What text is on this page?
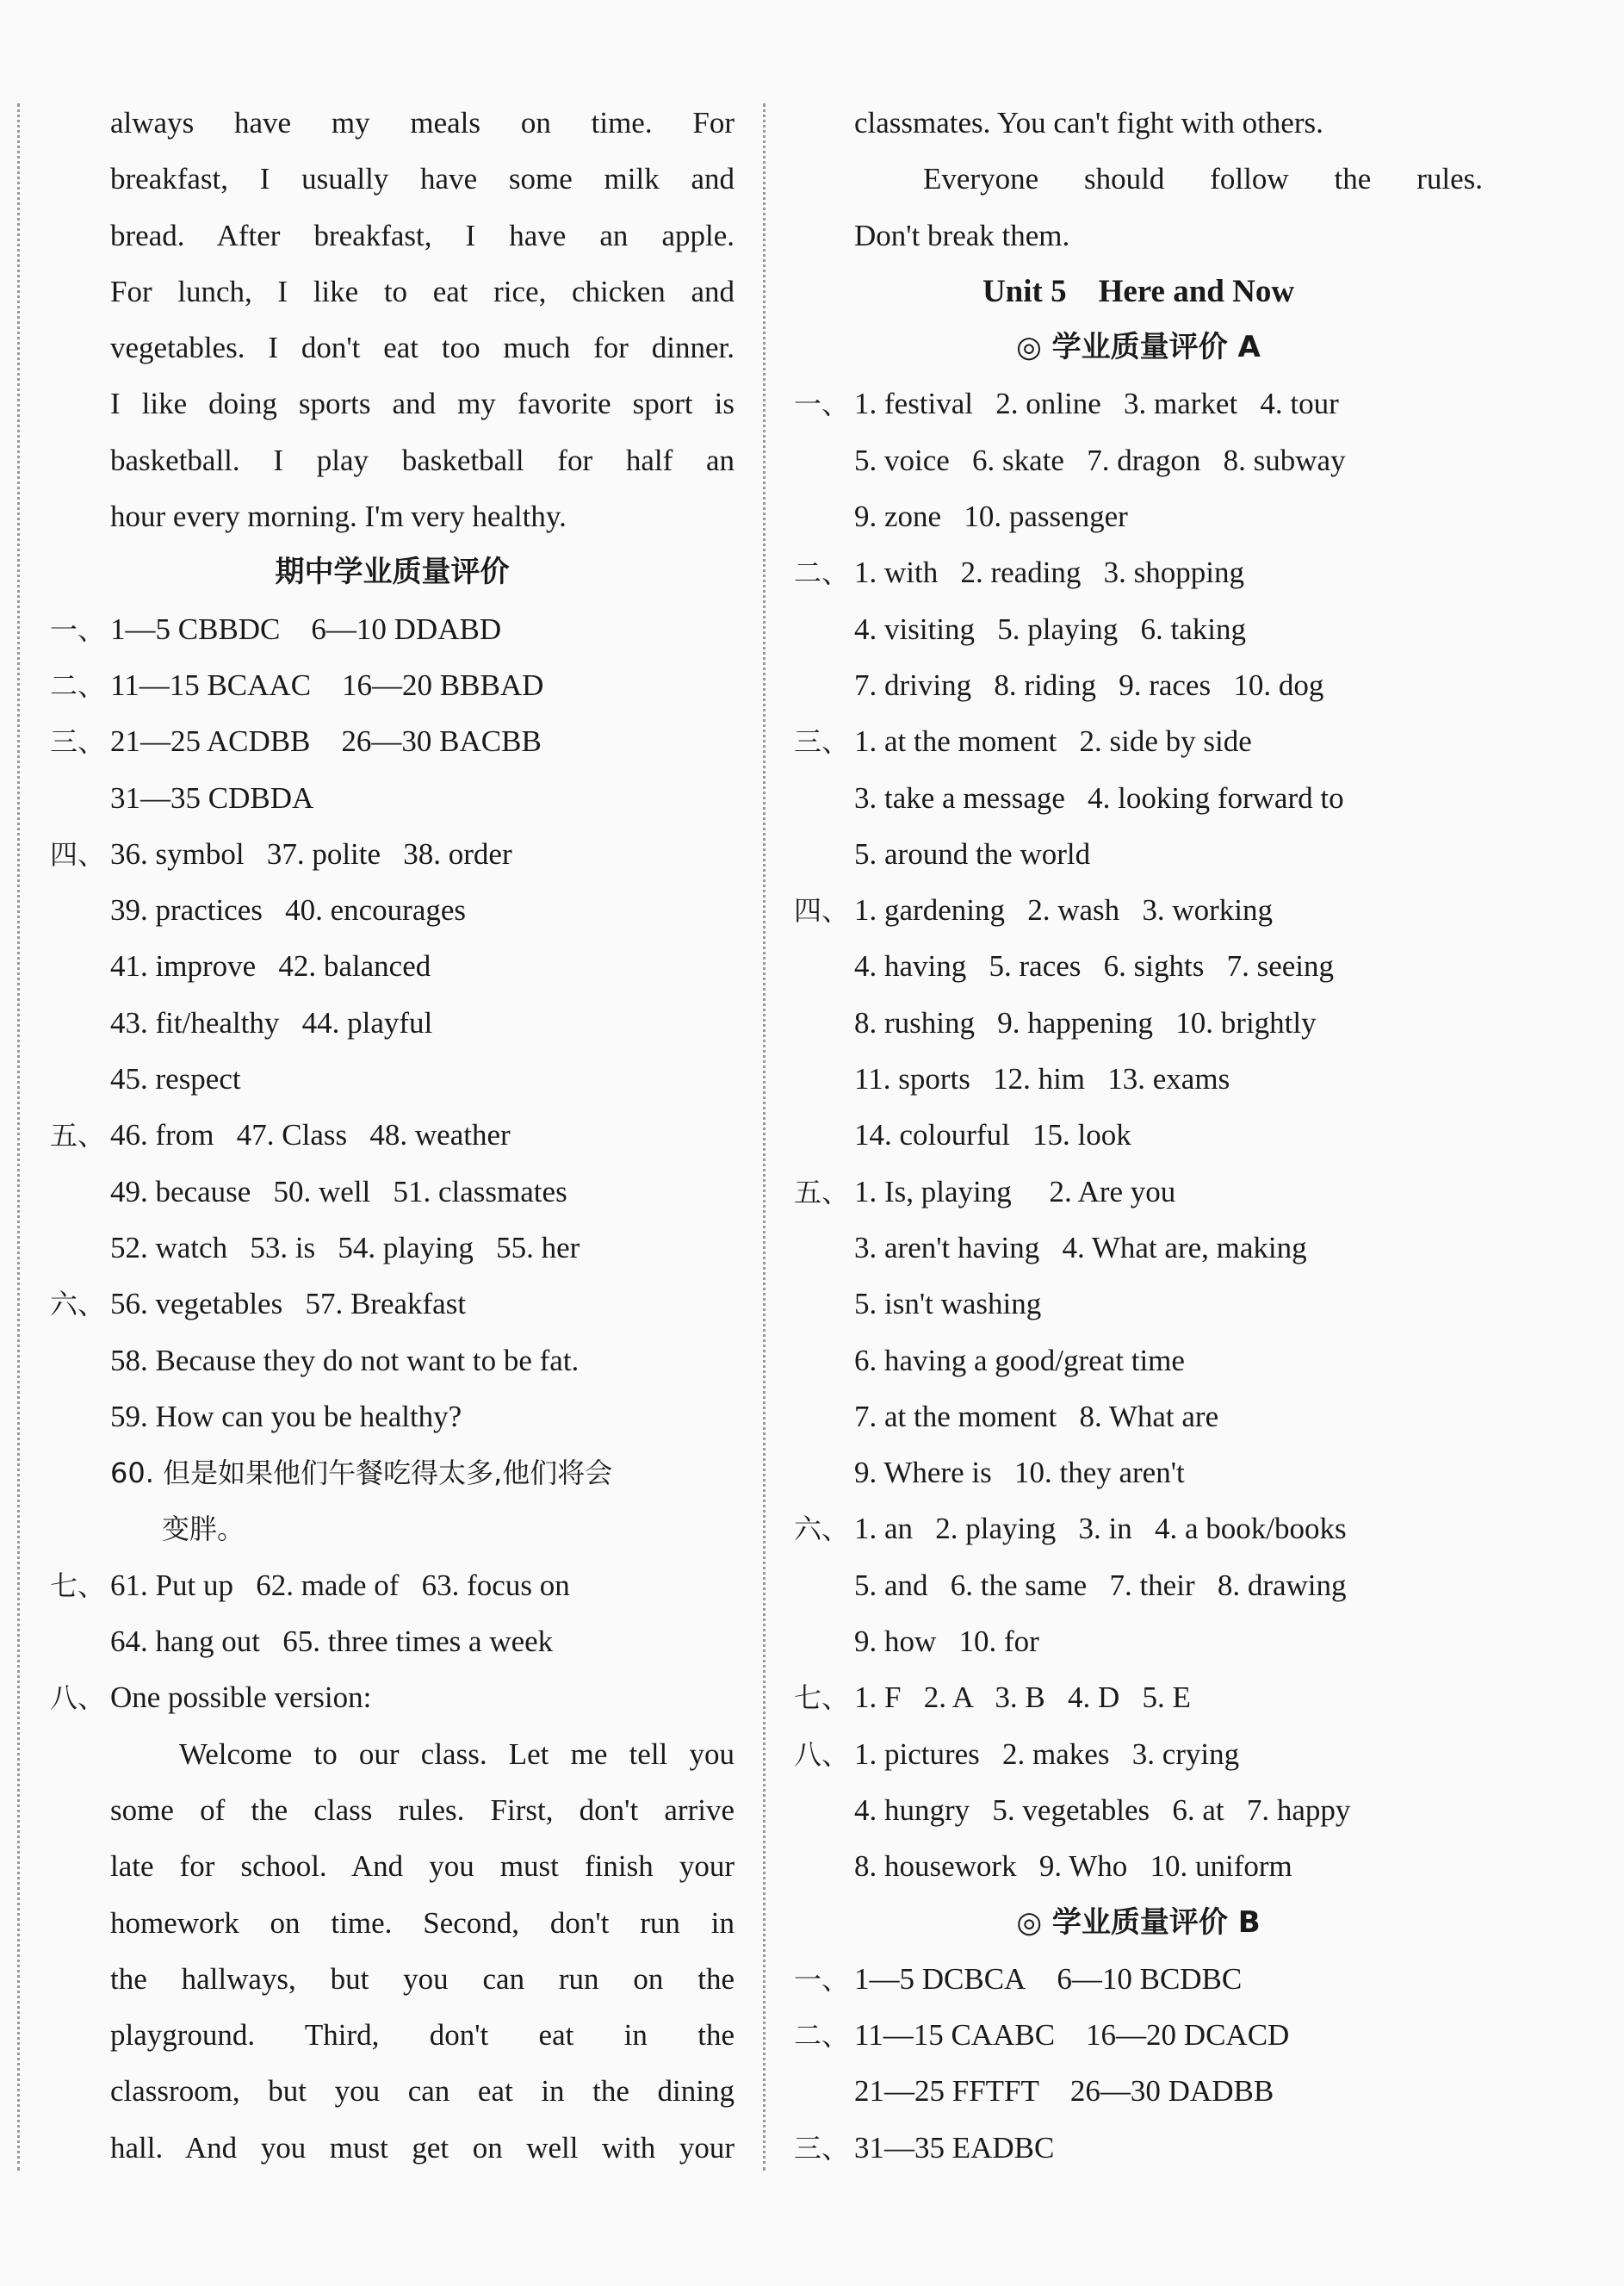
always have my meals on time. For
breakfast, I usually have some milk and
bread. After breakfast, I have an apple.
For lunch, I like to eat rice, chicken and
vegetables. I don't eat too much for dinner.
I like doing sports and my favorite sport is
basketball. I play basketball for half an
hour every morning. I'm very healthy.
期中学业质量评价
一、 1—5 CBBDC 6—10 DDABD
二、 11—15 BCAAC 16—20 BBBAD
三、 21—25 ACDBB 26—30 BACBB
31—35 CDBDA
四、 36. symbol   37. polite   38. order
39. practices   40. encourages
41. improve   42. balanced
43. fit/healthy   44. playful
45. respect
五、 46. from   47. Class   48. weather
49. because   50. well   51. classmates
52. watch   53. is   54. playing   55. her
六、 56. vegetables   57. Breakfast
58. Because they do not want to be fat.
59. How can you be healthy?
60. 但是如果他们午餐吃得太多,他们将会
变胖。
七、 61. Put up   62. made of   63. focus on
64. hang out   65. three times a week
八、 One possible version:
Welcome to our class. Let me tell you
some of the class rules. First, don't arrive
late for school. And you must finish your
homework on time. Second, don't run in
the hallways, but you can run on the
playground. Third, don't eat in the
classroom, but you can eat in the dining
hall. And you must get on well with your
classmates. You can't fight with others.
Everyone should follow the rules.
Don't break them.
Unit 5    Here and Now
◎ 学业质量评价 A
一、 1. festival   2. online   3. market   4. tour
5. voice   6. skate   7. dragon   8. subway
9. zone   10. passenger
二、 1. with   2. reading   3. shopping
4. visiting   5. playing   6. taking
7. driving   8. riding   9. races   10. dog
三、 1. at the moment   2. side by side
3. take a message   4. looking forward to
5. around the world
四、 1. gardening   2. wash   3. working
4. having   5. races   6. sights   7. seeing
8. rushing   9. happening   10. brightly
11. sports   12. him   13. exams
14. colourful   15. look
五、 1. Is, playing     2. Are you
3. aren't having   4. What are, making
5. isn't washing
6. having a good/great time
7. at the moment   8. What are
9. Where is   10. they aren't
六、 1. an   2. playing   3. in   4. a book/books
5. and   6. the same   7. their   8. drawing
9. how   10. for
七、 1. F   2. A   3. B   4. D   5. E
八、 1. pictures   2. makes   3. crying
4. hungry   5. vegetables   6. at   7. happy
8. housework   9. Who   10. uniform
◎ 学业质量评价 B
一、 1—5 DCBCA 6—10 BCDBC
二、 11—15 CAABC 16—20 DCACD
21—25 FFTFT 26—30 DADBB
三、 31—35 EADBC
